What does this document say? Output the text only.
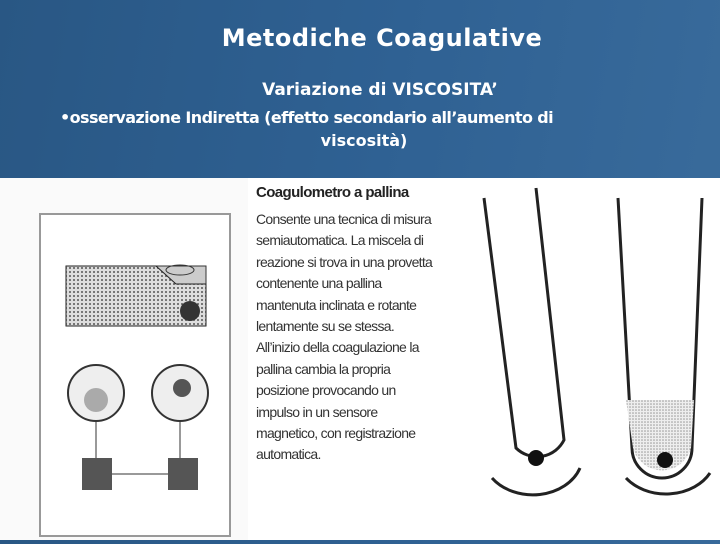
Metodiche Coagulative
Variazione di VISCOSITA’
•osservazione Indiretta (effetto secondario all’aumento di
viscosità)
Coagulometro a pallina

Consente una tecnica di misura semiautomatica. La miscela di reazione si trova in una provetta contenente una pallina mantenuta inclinata e rotante lentamente su se stessa. All’inizio della coagulazione la pallina cambia la propria posizione provocando un impulso in un sensore magnetico, con registrazione automatica.
